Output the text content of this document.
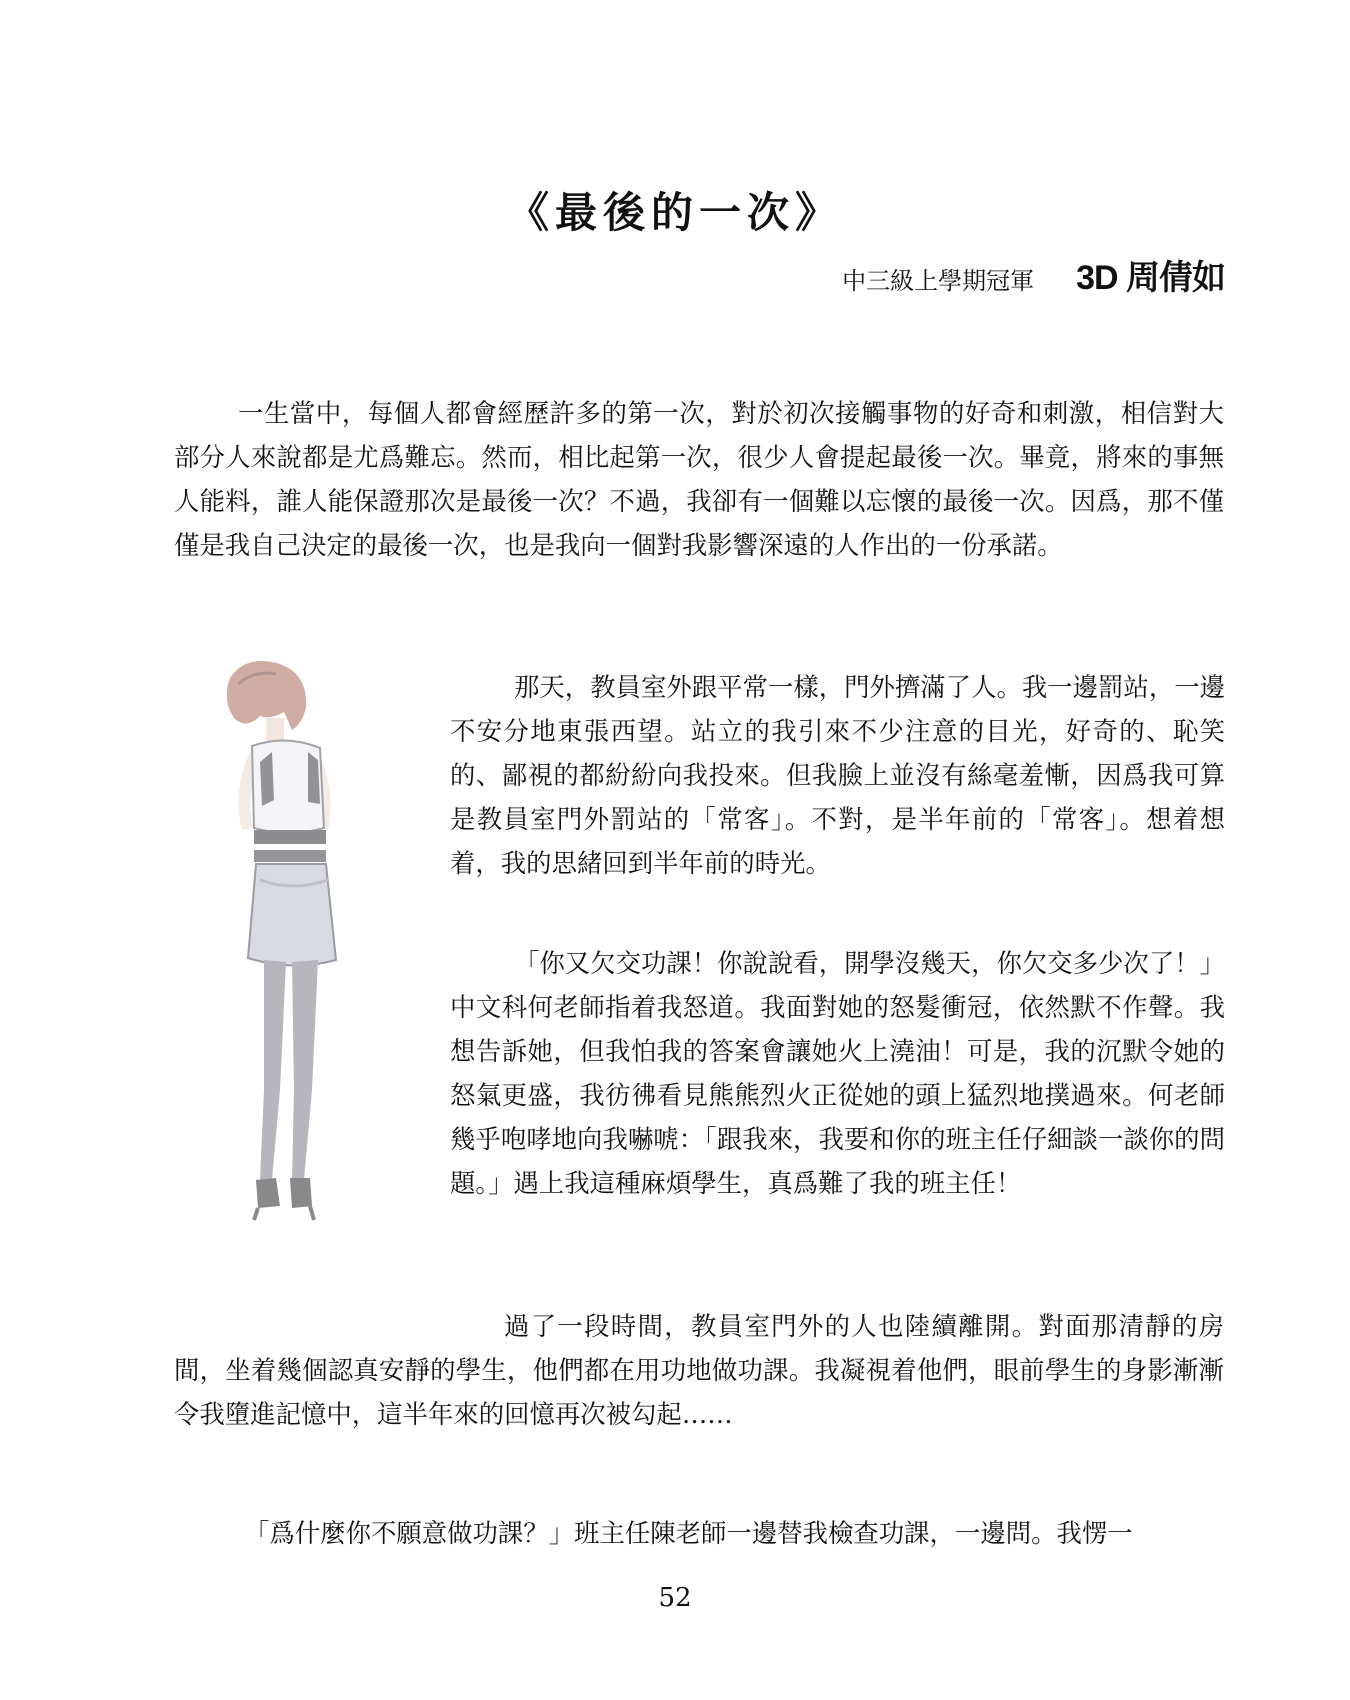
《最後的一次》
中三級上學期冠軍 3D 周倩如

一生當中，每個人都會經歷許多的第一次，對於初次接觸事物的好奇和刺激，相信對大部分人來說都是尤爲難忘。然而，相比起第一次，很少人會提起最後一次。畢竟，將來的事無人能料，誰人能保證那次是最後一次？不過，我卻有一個難以忘懷的最後一次。因爲，那不僅僅是我自己決定的最後一次，也是我向一個對我影響深遠的人作出的一份承諾。

那天，教員室外跟平常一樣，門外擠滿了人。我一邊罰站，一邊不安分地東張西望。站立的我引來不少注意的目光，好奇的、恥笑的、鄙視的都紛紛向我投來。但我臉上並沒有絲毫羞慚，因爲我可算是教員室門外罰站的「常客」。不對，是半年前的「常客」。想着想着，我的思緒回到半年前的時光。

「你又欠交功課！你說說看，開學沒幾天，你欠交多少次了！」中文科何老師指着我怒道。我面對她的怒髮衝冠，依然默不作聲。我想告訴她，但我怕我的答案會讓她火上澆油！可是，我的沉默令她的怒氣更盛，我彷彿看見熊熊烈火正從她的頭上猛烈地撲過來。何老師幾乎咆哮地向我嚇唬：「跟我來，我要和你的班主任仔細談一談你的問題。」遇上我這種麻煩學生，真爲難了我的班主任！

過了一段時間，教員室門外的人也陸續離開。對面那清靜的房間，坐着幾個認真安靜的學生，他們都在用功地做功課。我凝視着他們，眼前學生的身影漸漸令我墮進記憶中，這半年來的回憶再次被勾起……

「爲什麼你不願意做功課？」班主任陳老師一邊替我檢查功課，一邊問。我愣一

52
